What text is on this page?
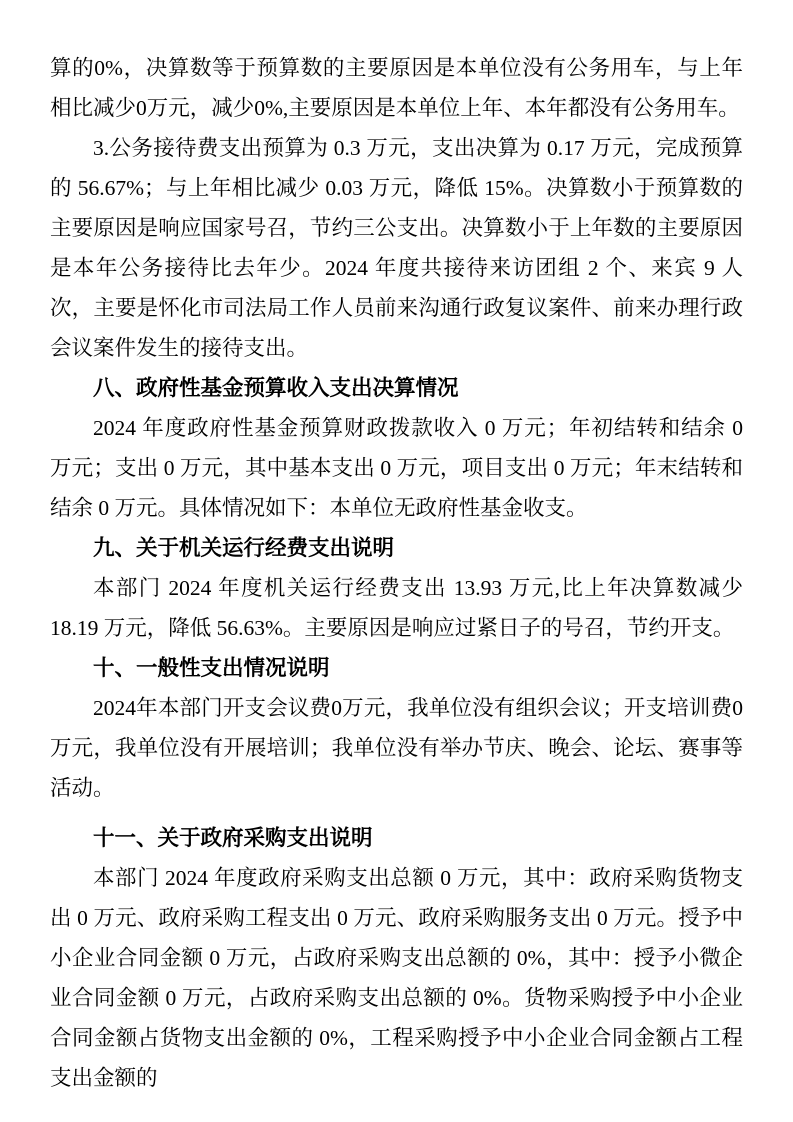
算的0%，决算数等于预算数的主要原因是本单位没有公务用车，与上年相比减少0万元，减少0%,主要原因是本单位上年、本年都没有公务用车。
3.公务接待费支出预算为 0.3 万元，支出决算为 0.17 万元，完成预算的 56.67%；与上年相比减少 0.03 万元，降低 15%。决算数小于预算数的主要原因是响应国家号召，节约三公支出。决算数小于上年数的主要原因是本年公务接待比去年少。2024 年度共接待来访团组 2 个、来宾 9 人次，主要是怀化市司法局工作人员前来沟通行政复议案件、前来办理行政会议案件发生的接待支出。
八、政府性基金预算收入支出决算情况
2024 年度政府性基金预算财政拨款收入 0 万元；年初结转和结余 0 万元；支出 0 万元，其中基本支出 0 万元，项目支出 0 万元；年末结转和结余 0 万元。具体情况如下：本单位无政府性基金收支。
九、关于机关运行经费支出说明
本部门 2024 年度机关运行经费支出 13.93 万元,比上年决算数减少 18.19 万元，降低 56.63%。主要原因是响应过紧日子的号召，节约开支。
十、一般性支出情况说明
2024年本部门开支会议费0万元，我单位没有组织会议；开支培训费0万元，我单位没有开展培训；我单位没有举办节庆、晚会、论坛、赛事等活动。
十一、关于政府采购支出说明
本部门 2024 年度政府采购支出总额 0 万元，其中：政府采购货物支出 0 万元、政府采购工程支出 0 万元、政府采购服务支出 0 万元。授予中小企业合同金额 0 万元，占政府采购支出总额的 0%，其中：授予小微企业合同金额 0 万元，占政府采购支出总额的 0%。货物采购授予中小企业合同金额占货物支出金额的 0%，工程采购授予中小企业合同金额占工程支出金额的
